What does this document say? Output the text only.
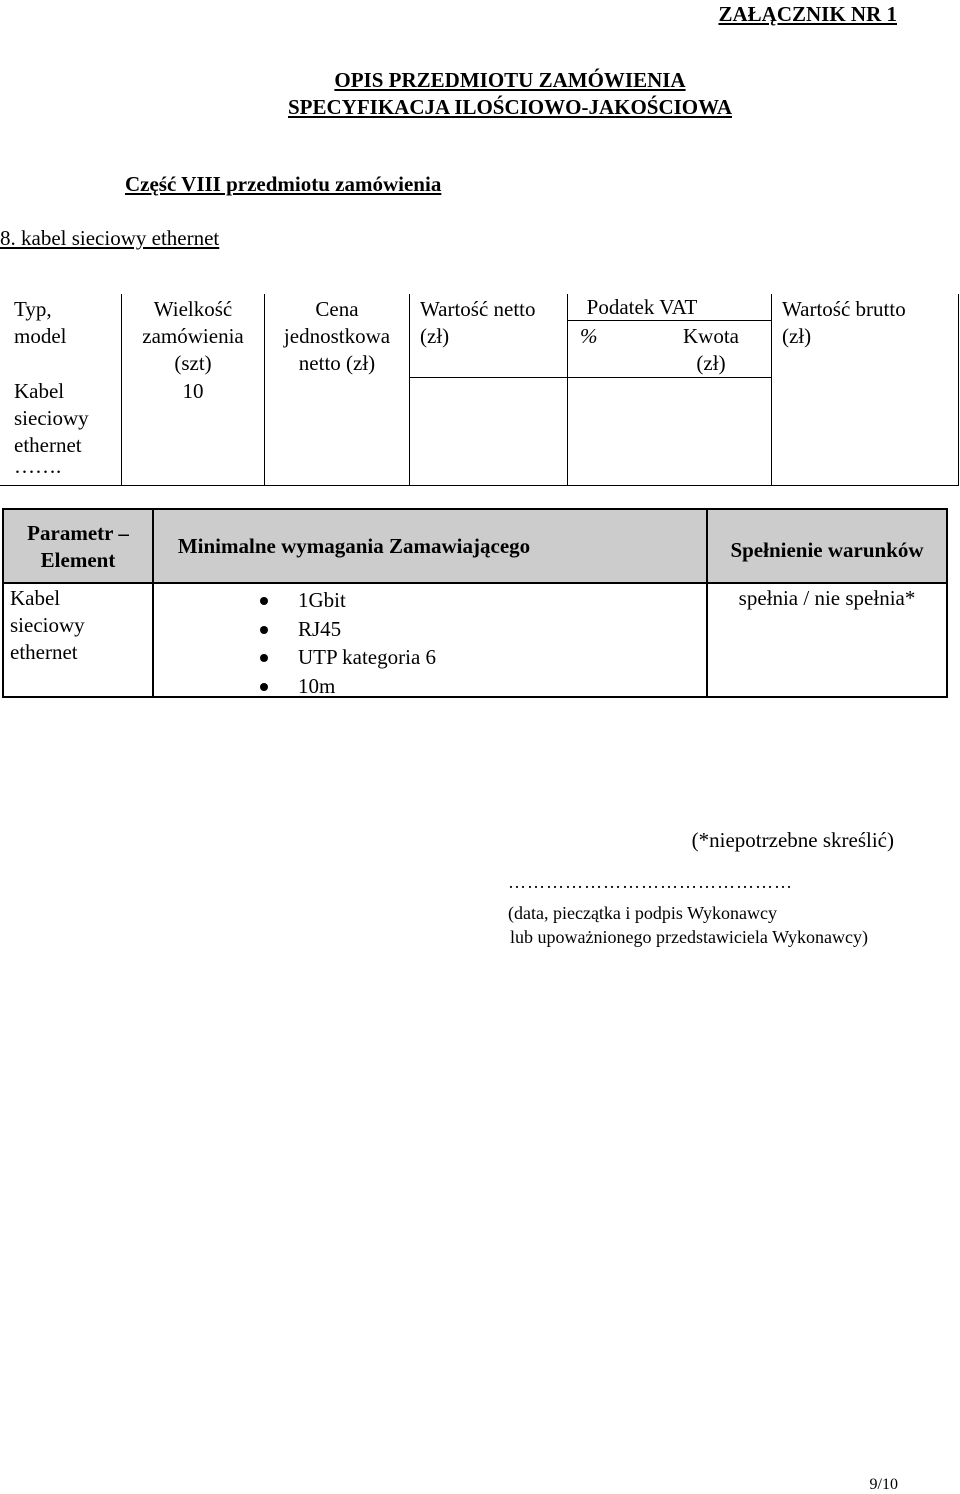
ZAŁĄCZNIK NR 1
OPIS PRZEDMIOTU ZAMÓWIENIA
SPECYFIKACJA ILOŚCIOWO-JAKOŚCIOWA
Część VIII przedmiotu zamówienia
8. kabel sieciowy ethernet
Typ,
model
Kabel
sieciowy
ethernet
…….
Wielkość
zamówienia
(szt)
10
Cena
jednostkowa
netto (zł)
Wartość netto
(zł)
Podatek VAT
%	Kwota
(zł)
Wartość brutto
(zł)
Parametr –
Element
Minimalne wymagania Zamawiającego	Spełnienie warunków
Kabel
sieciowy
ethernet
1Gbit
RJ45
UTP kategoria 6
10m
spełnia / nie spełnia*
(*niepotrzebne skreślić)
………………………………………
(data, pieczątka i podpis Wykonawcy
lub upoważnionego przedstawiciela Wykonawcy)
9/10
